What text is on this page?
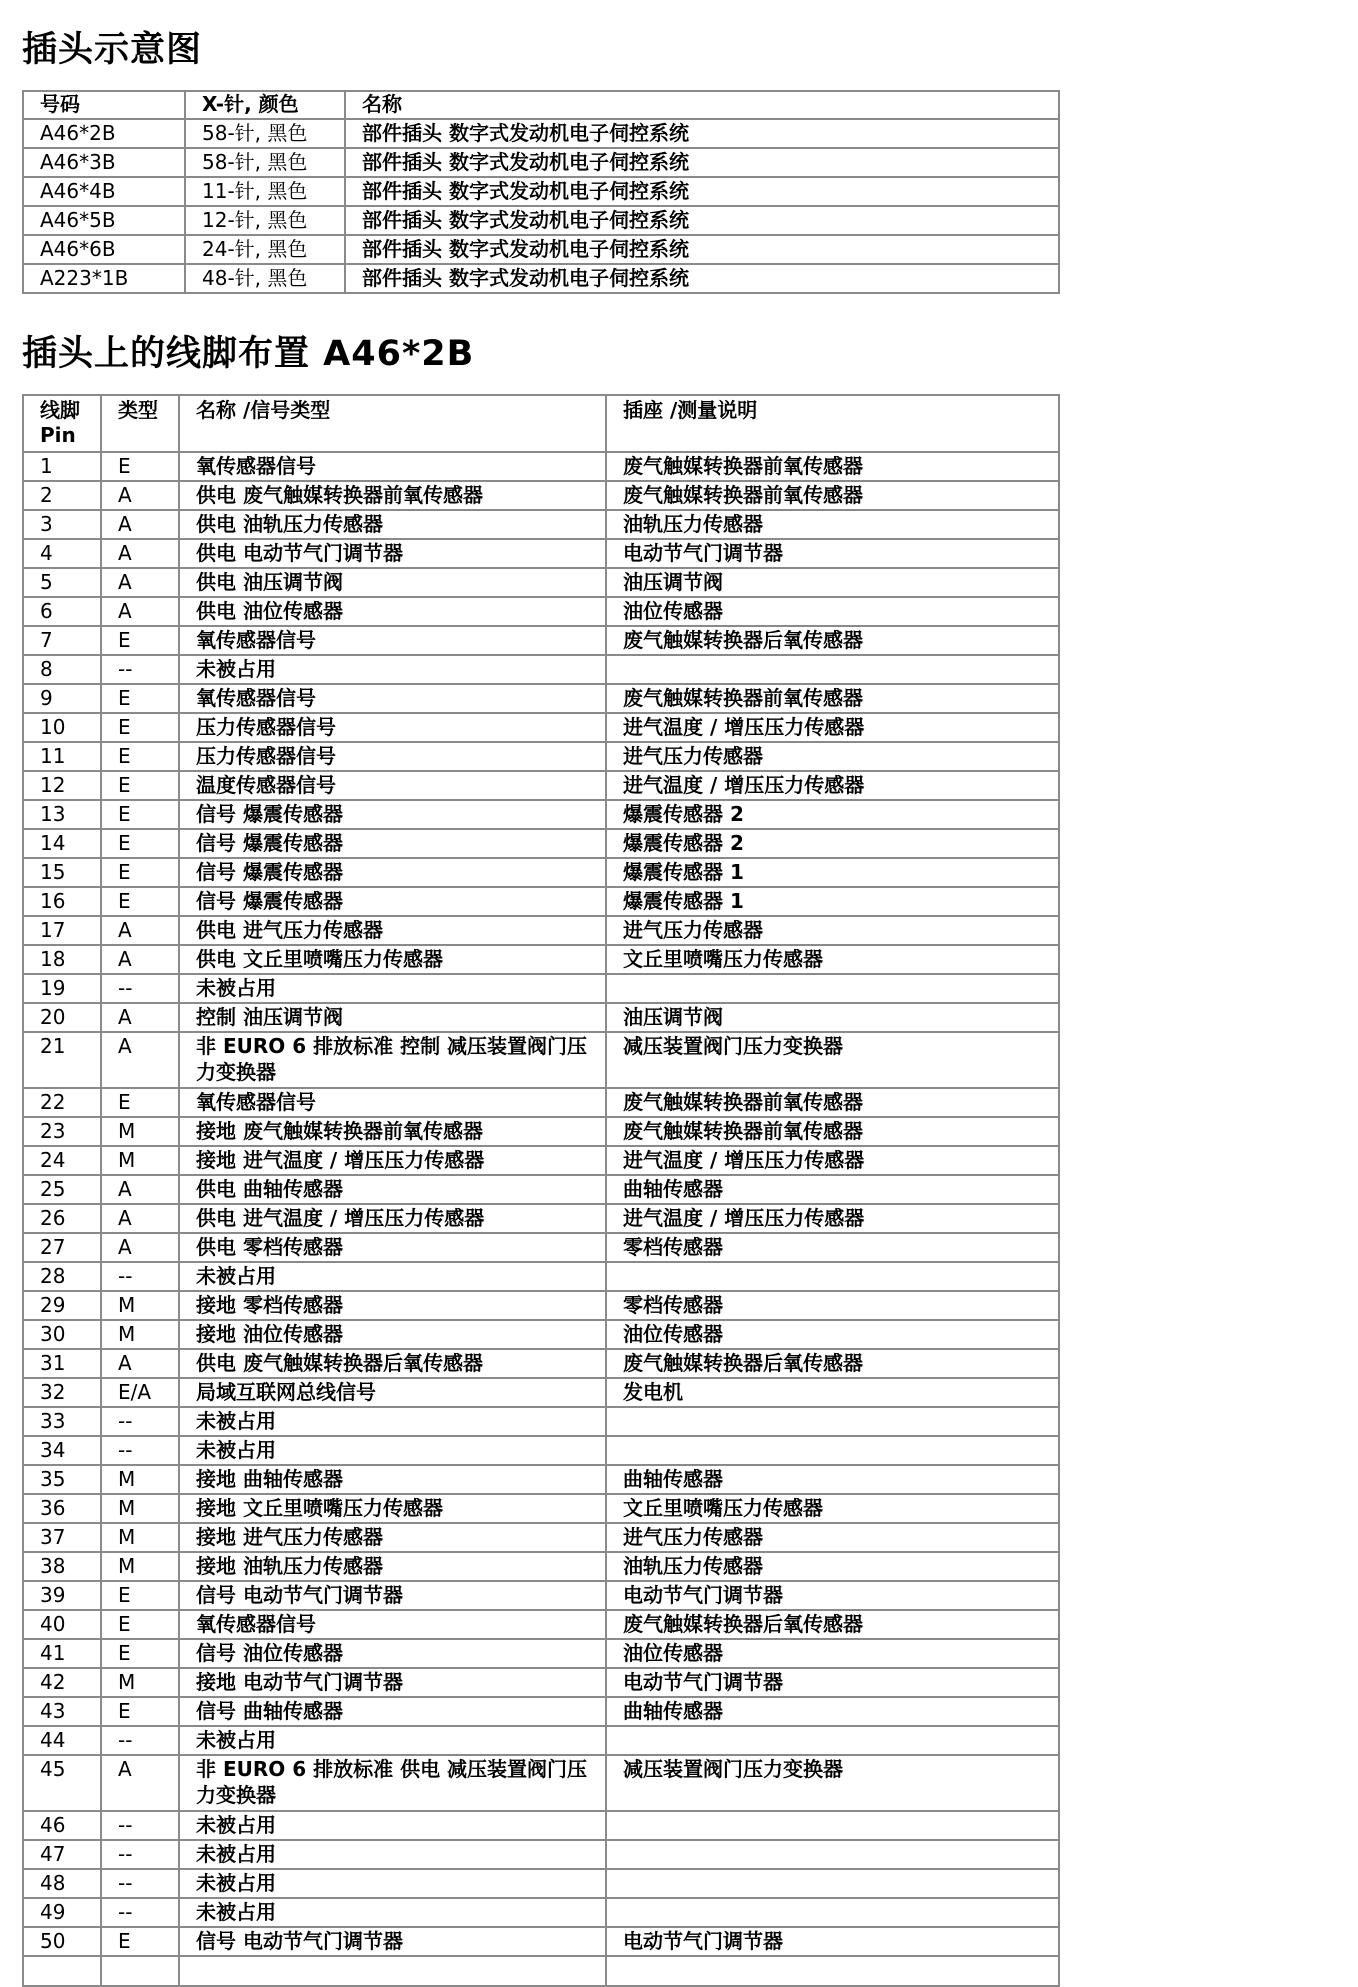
插头示意图
号码	X-针, 颜色	名称
A46*2B	58-针, 黑色	部件插头 数字式发动机电子伺控系统
A46*3B	58-针, 黑色	部件插头 数字式发动机电子伺控系统
A46*4B	11-针, 黑色	部件插头 数字式发动机电子伺控系统
A46*5B	12-针, 黑色	部件插头 数字式发动机电子伺控系统
A46*6B	24-针, 黑色	部件插头 数字式发动机电子伺控系统
A223*1B	48-针, 黑色	部件插头 数字式发动机电子伺控系统
插头上的线脚布置 A46*2B
线脚 Pin	类型	名称 /信号类型	插座 /测量说明
1	E	氧传感器信号	废气触媒转换器前氧传感器
2	A	供电 废气触媒转换器前氧传感器	废气触媒转换器前氧传感器
3	A	供电 油轨压力传感器	油轨压力传感器
4	A	供电 电动节气门调节器	电动节气门调节器
5	A	供电 油压调节阀	油压调节阀
6	A	供电 油位传感器	油位传感器
7	E	氧传感器信号	废气触媒转换器后氧传感器
8	--	未被占用	
9	E	氧传感器信号	废气触媒转换器前氧传感器
10	E	压力传感器信号	进气温度 / 增压压力传感器
11	E	压力传感器信号	进气压力传感器
12	E	温度传感器信号	进气温度 / 增压压力传感器
13	E	信号 爆震传感器	爆震传感器 2
14	E	信号 爆震传感器	爆震传感器 2
15	E	信号 爆震传感器	爆震传感器 1
16	E	信号 爆震传感器	爆震传感器 1
17	A	供电 进气压力传感器	进气压力传感器
18	A	供电 文丘里喷嘴压力传感器	文丘里喷嘴压力传感器
19	--	未被占用	
20	A	控制 油压调节阀	油压调节阀
21	A	非 EURO 6 排放标准 控制 减压装置阀门压力变换器	减压装置阀门压力变换器
22	E	氧传感器信号	废气触媒转换器前氧传感器
23	M	接地 废气触媒转换器前氧传感器	废气触媒转换器前氧传感器
24	M	接地 进气温度 / 增压压力传感器	进气温度 / 增压压力传感器
25	A	供电 曲轴传感器	曲轴传感器
26	A	供电 进气温度 / 增压压力传感器	进气温度 / 增压压力传感器
27	A	供电 零档传感器	零档传感器
28	--	未被占用	
29	M	接地 零档传感器	零档传感器
30	M	接地 油位传感器	油位传感器
31	A	供电 废气触媒转换器后氧传感器	废气触媒转换器后氧传感器
32	E/A	局域互联网总线信号	发电机
33	--	未被占用	
34	--	未被占用	
35	M	接地 曲轴传感器	曲轴传感器
36	M	接地 文丘里喷嘴压力传感器	文丘里喷嘴压力传感器
37	M	接地 进气压力传感器	进气压力传感器
38	M	接地 油轨压力传感器	油轨压力传感器
39	E	信号 电动节气门调节器	电动节气门调节器
40	E	氧传感器信号	废气触媒转换器后氧传感器
41	E	信号 油位传感器	油位传感器
42	M	接地 电动节气门调节器	电动节气门调节器
43	E	信号 曲轴传感器	曲轴传感器
44	--	未被占用	
45	A	非 EURO 6 排放标准 供电 减压装置阀门压力变换器	减压装置阀门压力变换器
46	--	未被占用	
47	--	未被占用	
48	--	未被占用	
49	--	未被占用	
50	E	信号 电动节气门调节器	电动节气门调节器
